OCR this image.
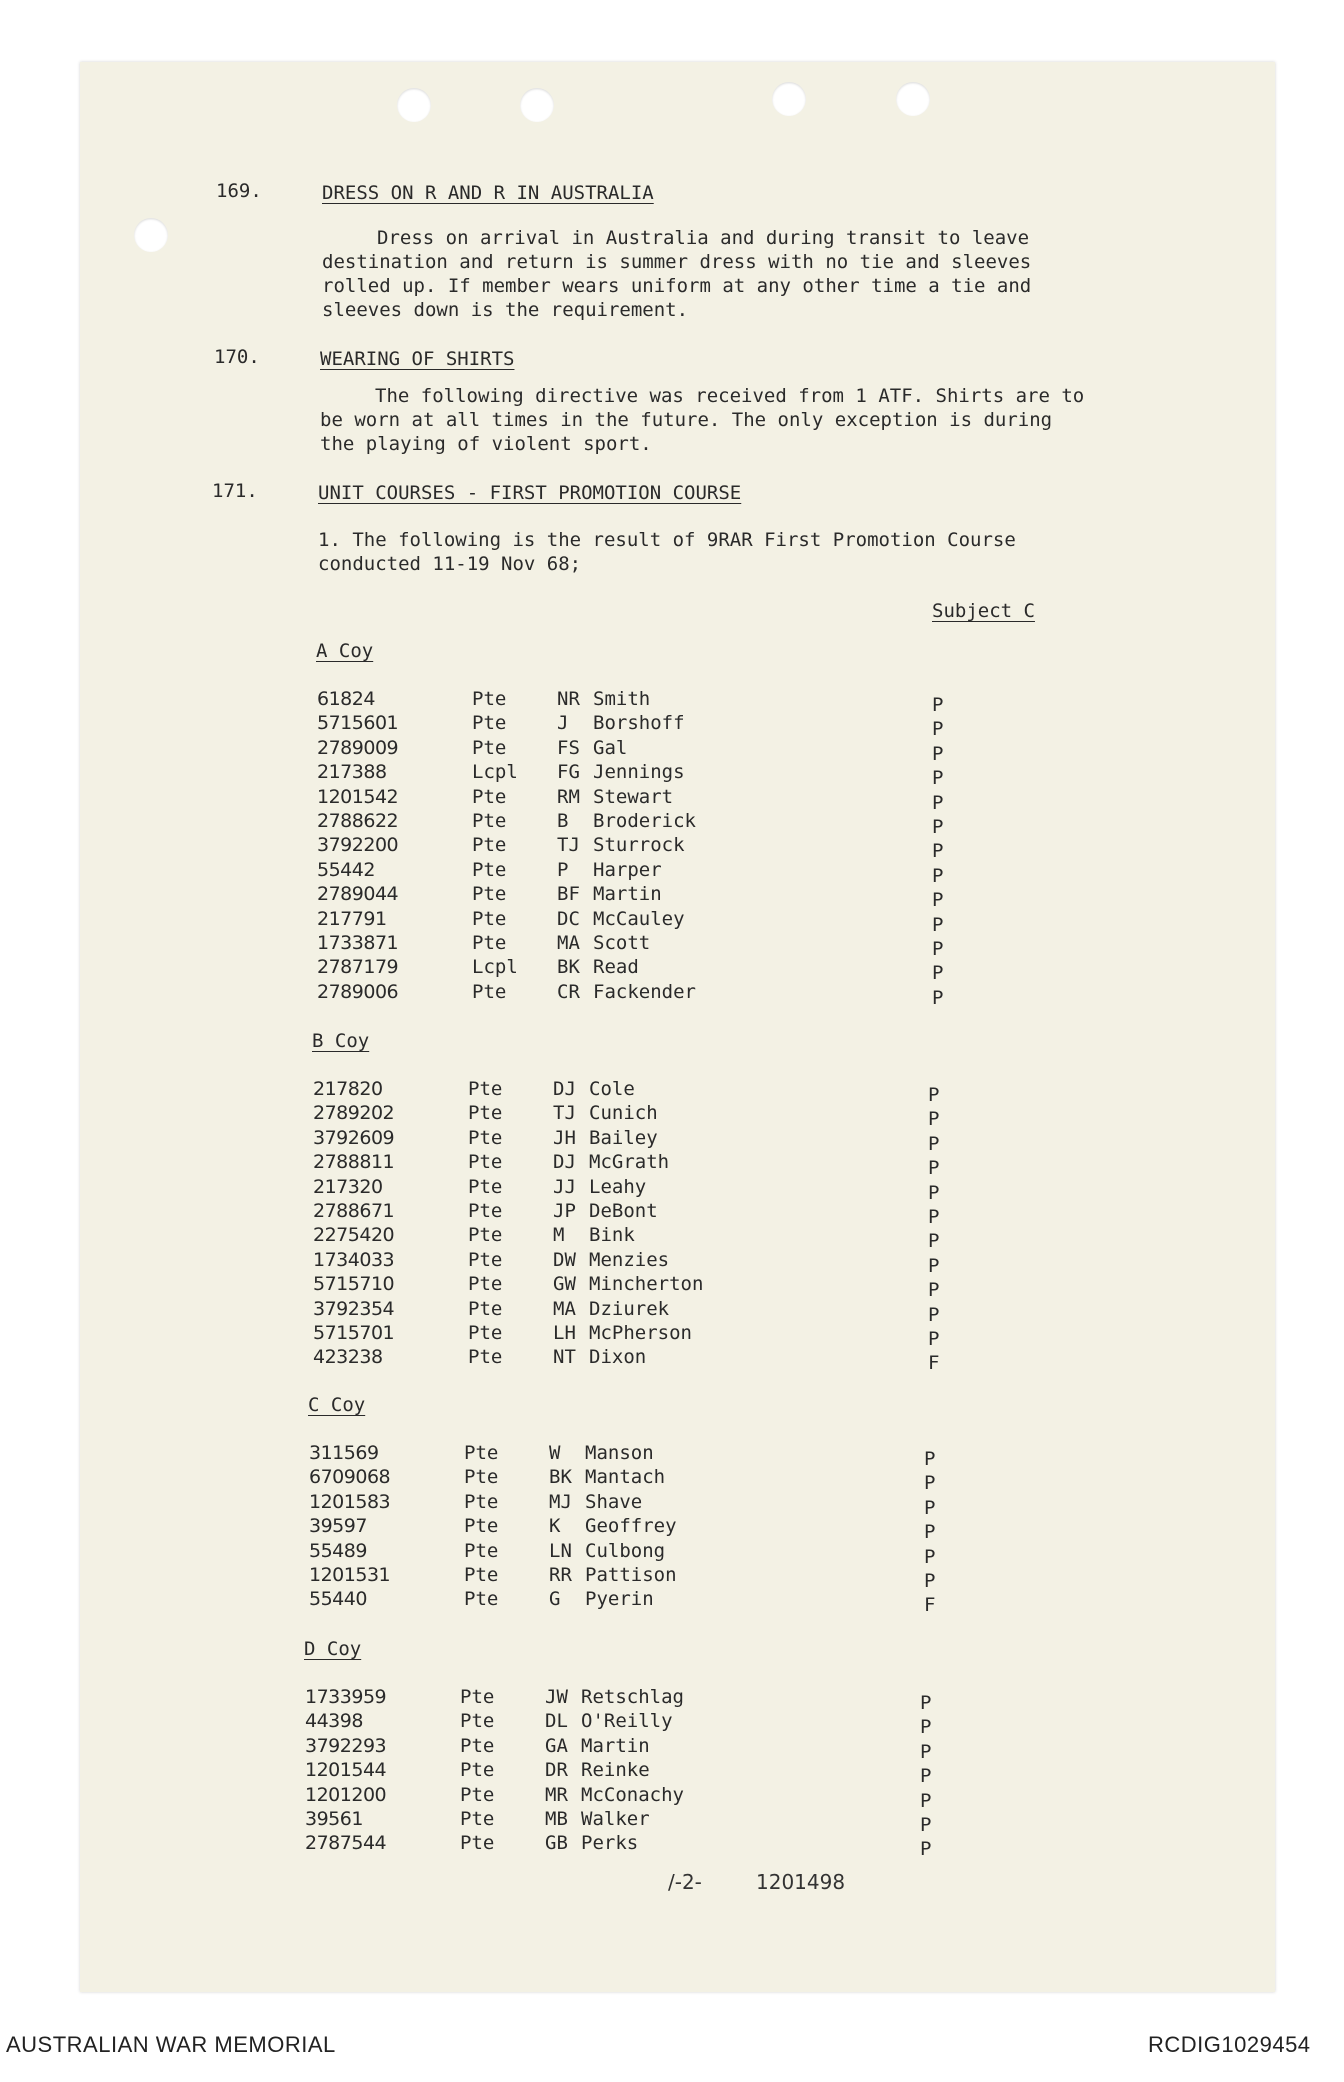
169.	DRESS ON R AND R IN AUSTRALIA
Dress on arrival in Australia and during transit to leave destination and return is summer dress with no tie and sleeves rolled up. If member wears uniform at any other time a tie and sleeves down is the requirement.
170.	WEARING OF SHIRTS
The following directive was received from 1 ATF. Shirts are to be worn at all times in the future. The only exception is during the playing of violent sport.
171.	UNIT COURSES - FIRST PROMOTION COURSE
1. The following is the result of 9RAR First Promotion Course conducted 11-19 Nov 68;
Subject C
A Coy
61824	Pte	NR Smith	P
5715601	Pte	J Borshoff	P
2789009	Pte	FS Gal	P
217388	Lcpl FG Jennings	P
1201542	Pte	RM Stewart	P
2788622	Pte	B Broderick	P
3792200	Pte	TJ Sturrock	P
55442	Pte	P Harper	P
2789044	Pte	BF Martin	P
217791	Pte	DC McCauley	P
1733871	Pte	MA Scott	P
2787179	Lcpl BK Read	P
2789006	Pte	CR Fackender	P
B Coy
217820	Pte	DJ Cole	P
2789202	Pte	TJ Cunich	P
3792609	Pte	JH Bailey	P
2788811	Pte	DJ McGrath	P
217320	Pte	JJ Leahy	P
2788671	Pte	JP DeBont	P
2275420	Pte	M Bink	P
1734033	Pte	DW Menzies	P
5715710	Pte	GW Mincherton	P
3792354	Pte	MA Dziurek	P
5715701	Pte	LH McPherson	P
423238	Pte	NT Dixon	F
C Coy
311569	Pte	W Manson	P
6709068	Pte	BK Mantach	P
1201583	Pte	MJ Shave	P
39597	Pte	K Geoffrey	P
55489	Pte	LN Culbong	P
1201531	Pte	RR Pattison	P
55440	Pte	G Pyerin	F
D Coy
1733959	Pte	JW Retschlag	P
44398	Pte	DL O'Reilly	P
3792293	Pte	GA Martin	P
1201544	Pte	DR Reinke	P
1201200	Pte	MR McConachy	P
39561	Pte	MB Walker	P
2787544	Pte	GB Perks	P
/-2-	1201498
AUSTRALIAN WAR MEMORIAL	RCDIG1029454
